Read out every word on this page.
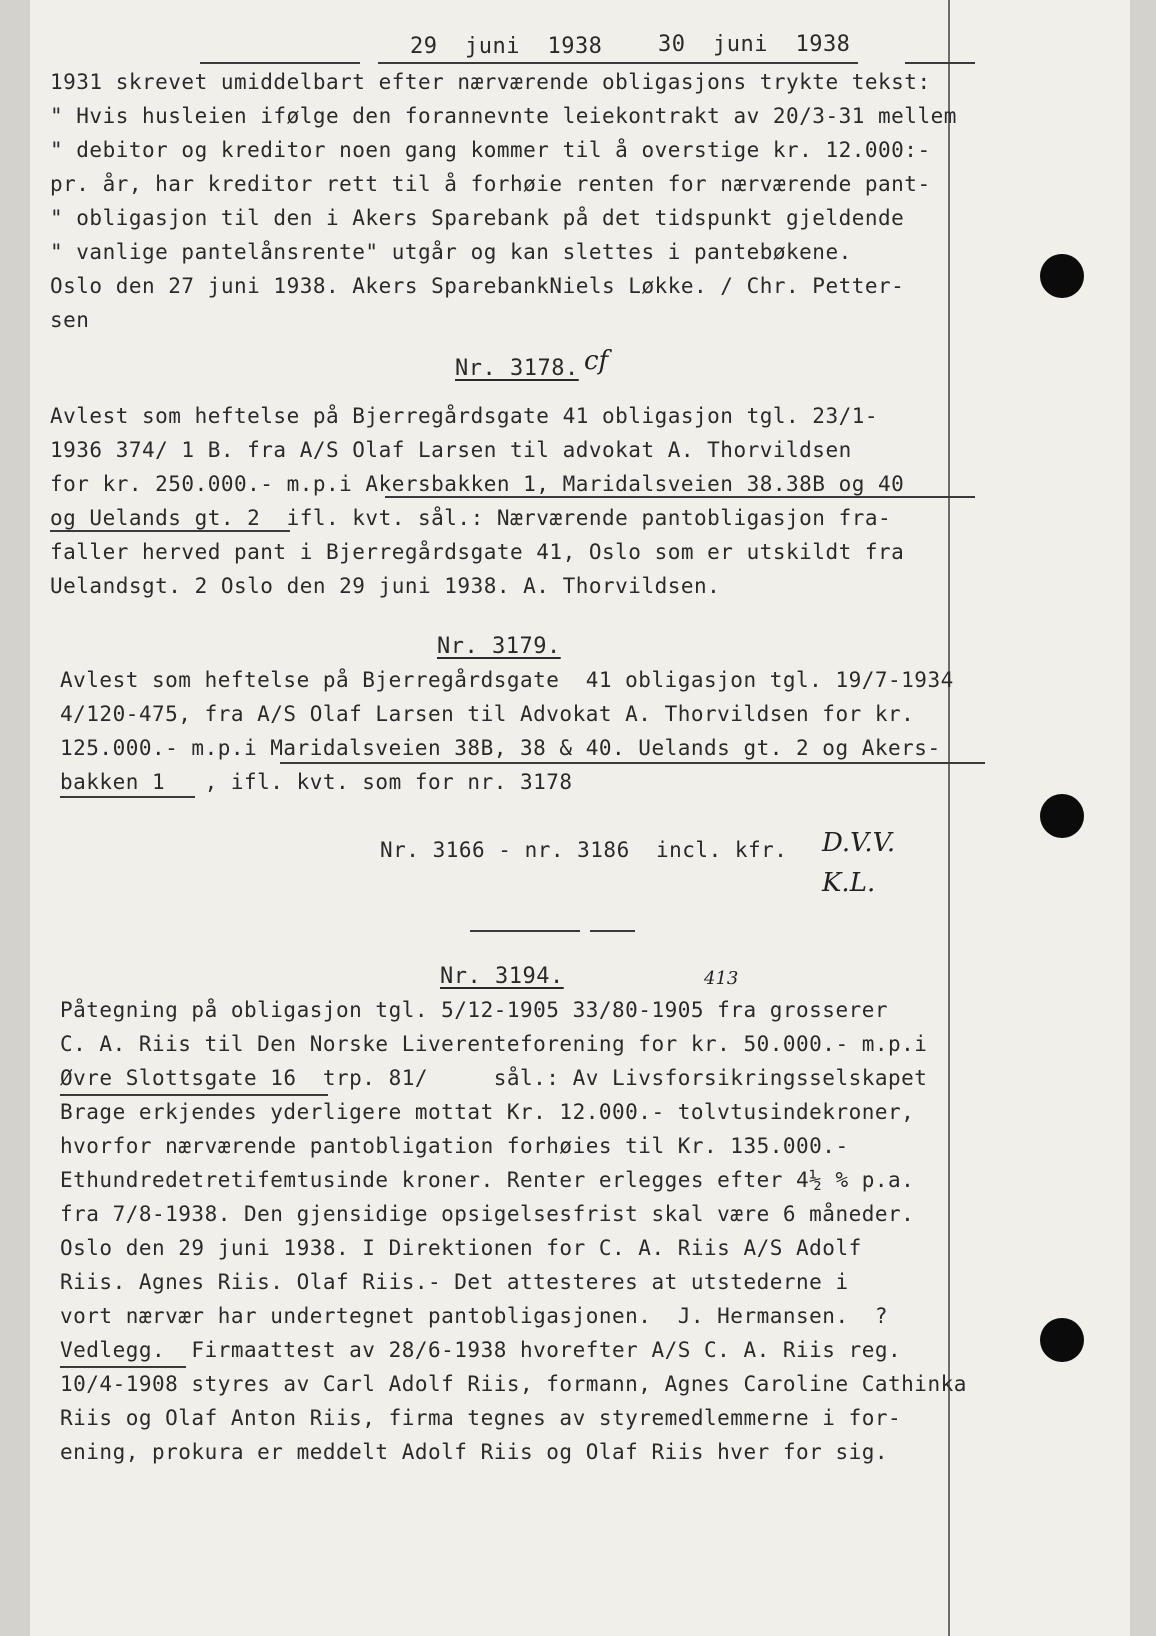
29  juni  1938	30  juni  1938
1931 skrevet umiddelbart efter nærværende obligasjons trykte tekst:
" Hvis husleien ifølge den forannevnte leiekontrakt av 20/3-31 mellem
" debitor og kreditor noen gang kommer til å overstige kr. 12.000:-
pr. år, har kreditor rett til å forhøie renten for nærværende pant-
" obligasjon til den i Akers Sparebank på det tidspunkt gjeldende
" vanlige pantelånsrente" utgår og kan slettes i pantebøkene.
Oslo den 27 juni 1938. Akers SparebankNiels Løkke. / Chr. Petter-
sen
Nr. 3178. cf
Avlest som heftelse på Bjerregårdsgate 41 obligasjon tgl. 23/1-
1936 374/ 1 B. fra A/S Olaf Larsen til advokat A. Thorvildsen
for kr. 250.000.- m.p.i Akersbakken 1, Maridalsveien 38.38B og 40
og Uelands gt. 2  ifl. kvt. sål.: Nærværende pantobligasjon fra-
faller herved pant i Bjerregårdsgate 41, Oslo som er utskildt fra
Uelandsgt. 2 Oslo den 29 juni 1938. A. Thorvildsen.
Nr. 3179.
Avlest som heftelse på Bjerregårdsgate  41 obligasjon tgl. 19/7-1934
4/120-475, fra A/S Olaf Larsen til Advokat A. Thorvildsen for kr.
125.000.- m.p.i Maridalsveien 38B, 38 & 40. Uelands gt. 2 og Akers-
bakken 1   , ifl. kvt. som for nr. 3178
Nr. 3166 - nr. 3186  incl. kfr. D.V.V.
K.L.
Nr. 3194.	413
Påtegning på obligasjon tgl. 5/12-1905 33/80-1905 fra grosserer
C. A. Riis til Den Norske Liverenteforening for kr. 50.000.- m.p.i
Øvre Slottsgate 16  trp. 81/     sål.: Av Livsforsikringsselskapet
Brage erkjendes yderligere mottat Kr. 12.000.- tolvtusindekroner,
hvorfor nærværende pantobligation forhøies til Kr. 135.000.-
Ethundredetretifemtusinde kroner. Renter erlegges efter 4½ % p.a.
fra 7/8-1938. Den gjensidige opsigelsesfrist skal være 6 måneder.
Oslo den 29 juni 1938. I Direktionen for C. A. Riis A/S Adolf
Riis. Agnes Riis. Olaf Riis.- Det attesteres at utstederne i
vort nærvær har undertegnet pantobligasjonen.  J. Hermansen.  ?
Vedlegg.  Firmaattest av 28/6-1938 hvorefter A/S C. A. Riis reg.
10/4-1908 styres av Carl Adolf Riis, formann, Agnes Caroline Cathinka
Riis og Olaf Anton Riis, firma tegnes av styremedlemmerne i for-
ening, prokura er meddelt Adolf Riis og Olaf Riis hver for sig.
